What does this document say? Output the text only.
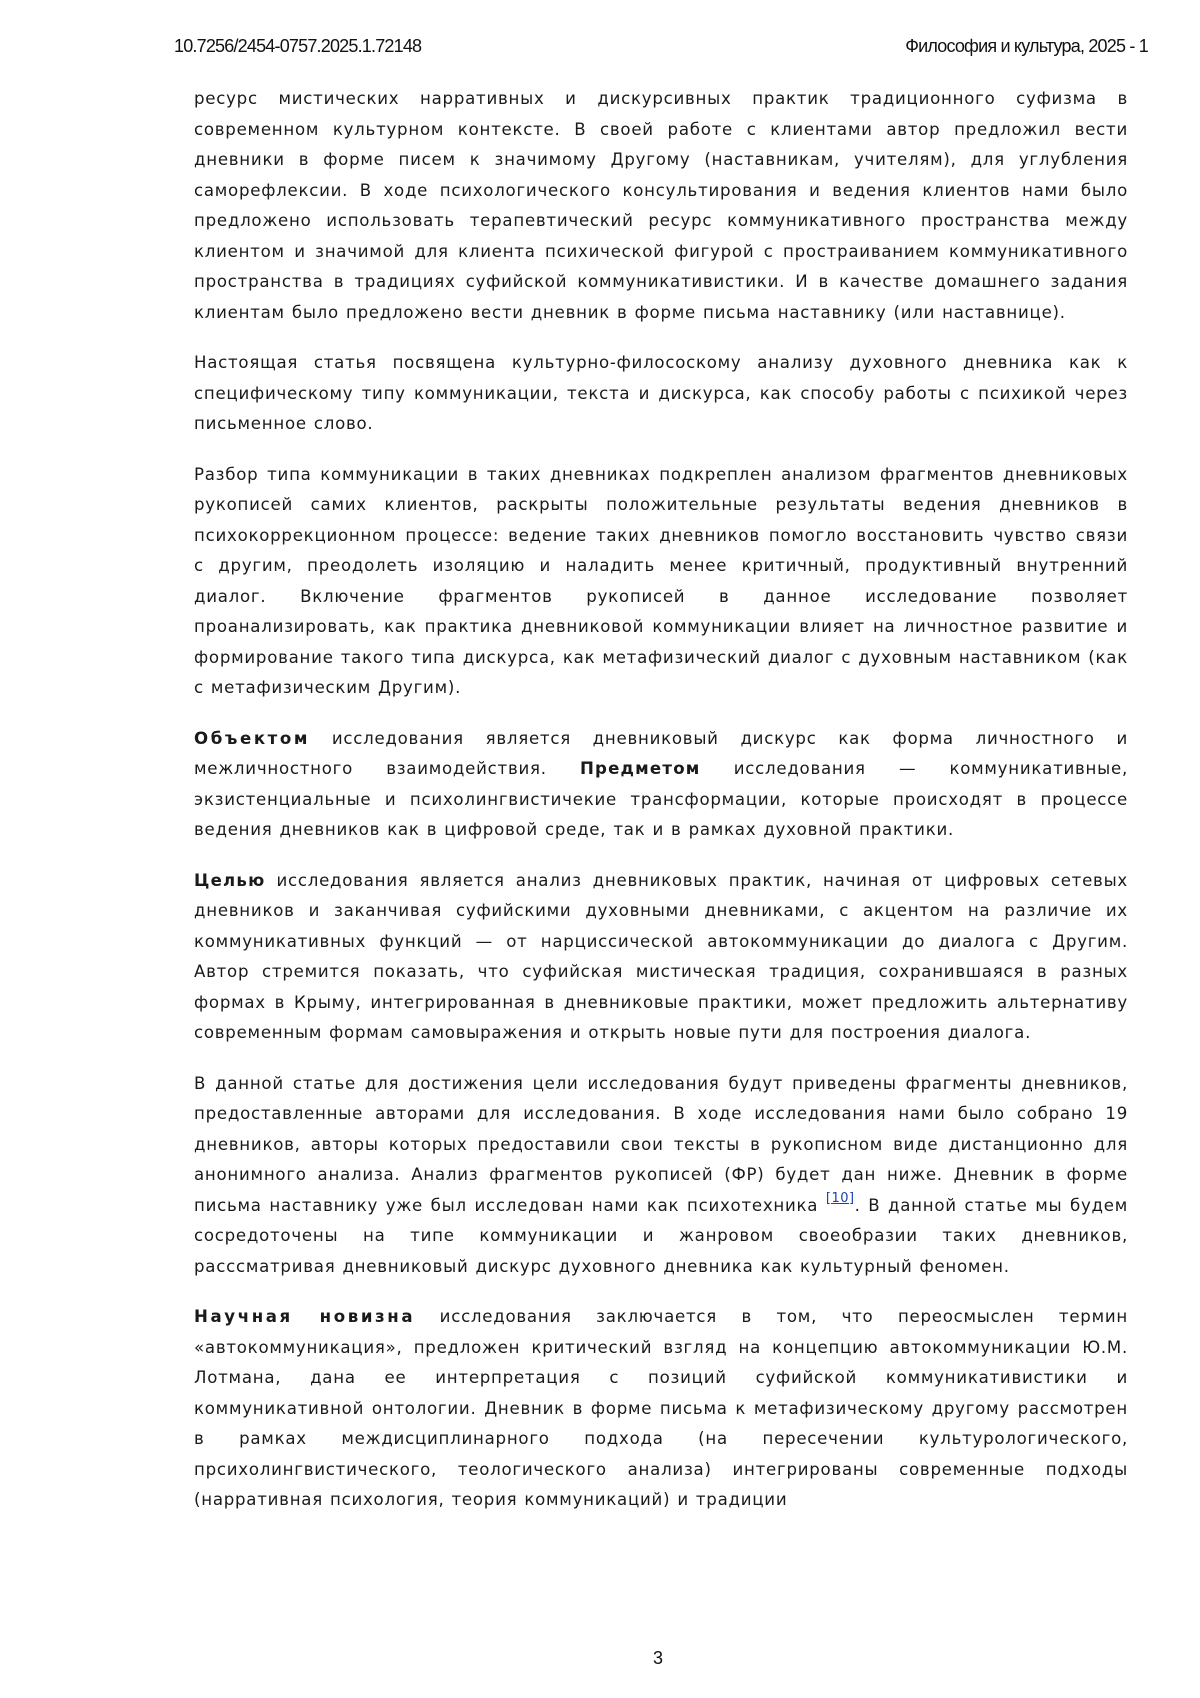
10.7256/2454-0757.2025.1.72148	Философия и культура, 2025 - 1

ресурс мистических нарративных и дискурсивных практик традиционного суфизма в современном культурном контексте. В своей работе с клиентами автор предложил вести дневники в форме писем к значимому Другому (наставникам, учителям), для углубления саморефлексии. В ходе психологического консультирования и ведения клиентов нами было предложено использовать терапевтический ресурс коммуникативного пространства между клиентом и значимой для клиента психической фигурой с простраиванием коммуникативного пространства в традициях суфийской коммуникативистики. И в качестве домашнего задания клиентам было предложено вести дневник в форме письма наставнику (или наставнице).

Настоящая статья посвящена культурно-филососкому анализу духовного дневника как к специфическому типу коммуникации, текста и дискурса, как способу работы с психикой через письменное слово.

Разбор типа коммуникации в таких дневниках подкреплен анализом фрагментов дневниковых рукописей самих клиентов, раскрыты положительные результаты ведения дневников в психокоррекционном процессе: ведение таких дневников помогло восстановить чувство связи с другим, преодолеть изоляцию и наладить менее критичный, продуктивный внутренний диалог. Включение фрагментов рукописей в данное исследование позволяет проанализировать, как практика дневниковой коммуникации влияет на личностное развитие и формирование такого типа дискурса, как метафизический диалог с духовным наставником (как с метафизическим Другим).

Объектом исследования является дневниковый дискурс как форма личностного и межличностного взаимодействия. Предметом исследования — коммуникативные, экзистенциальные и психолингвистичекие трансформации, которые происходят в процессе ведения дневников как в цифровой среде, так и в рамках духовной практики.

Целью исследования является анализ дневниковых практик, начиная от цифровых сетевых дневников и заканчивая суфийскими духовными дневниками, с акцентом на различие их коммуникативных функций — от нарциссической автокоммуникации до диалога с Другим. Автор стремится показать, что суфийская мистическая традиция, сохранившаяся в разных формах в Крыму, интегрированная в дневниковые практики, может предложить альтернативу современным формам самовыражения и открыть новые пути для построения диалога.

В данной статье для достижения цели исследования будут приведены фрагменты дневников, предоставленные авторами для исследования. В ходе исследования нами было собрано 19 дневников, авторы которых предоставили свои тексты в рукописном виде дистанционно для анонимного анализа. Анализ фрагментов рукописей (ФР) будет дан ниже. Дневник в форме письма наставнику уже был исследован нами как психотехника [10]. В данной статье мы будем сосредоточены на типе коммуникации и жанровом своеобразии таких дневников, расссматривая дневниковый дискурс духовного дневника как культурный феномен.

Научная новизна исследования заключается в том, что переосмыслен термин «автокоммуникация», предложен критический взгляд на концепцию автокоммуникации Ю.М. Лотмана, дана ее интерпретация с позиций суфийской коммуникативистики и коммуникативной онтологии. Дневник в форме письма к метафизическому другому рассмотрен в рамках междисциплинарного подхода (на пересечении культурологического, прсихолингвистического, теологического анализа) интегрированы современные подходы (нарративная психология, теория коммуникаций) и традиции

3
